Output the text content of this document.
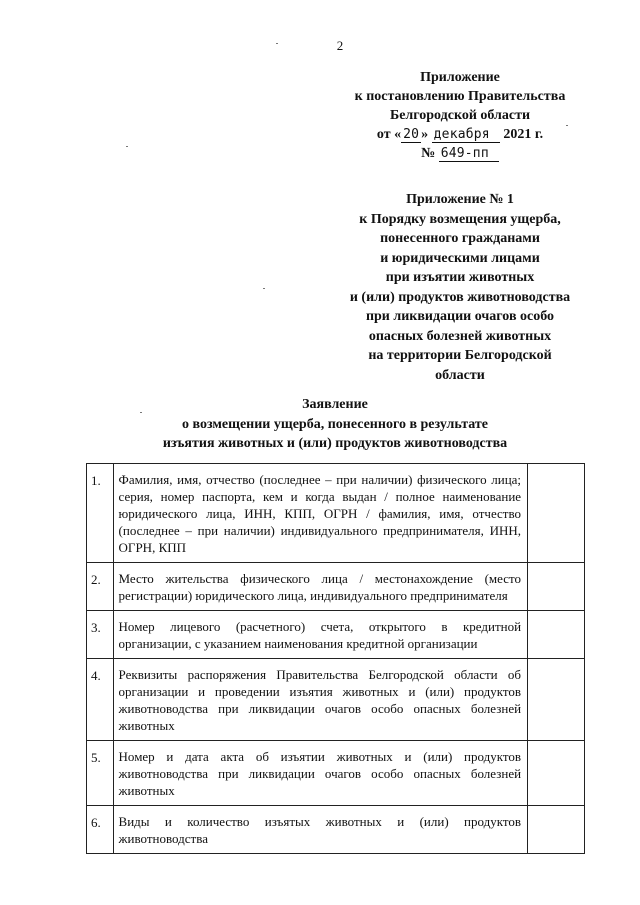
2
Приложение
к постановлению Правительства
Белгородской области
от « 20 » декабря 2021 г.
№ 649-пп
Приложение № 1
к Порядку возмещения ущерба,
понесенного гражданами
и юридическими лицами
при изъятии животных
и (или) продуктов животноводства
при ликвидации очагов особо
опасных болезней животных
на территории Белгородской
области
Заявление
о возмещении ущерба, понесенного в результате
изъятия животных и (или) продуктов животноводства
1.	Фамилия, имя, отчество (последнее – при наличии) физического лица; серия, номер паспорта, кем и когда выдан / полное наименование юридического лица, ИНН, КПП, ОГРН / фамилия, имя, отчество (последнее – при наличии) индивидуального предпринимателя, ИНН, ОГРН, КПП	
2.	Место жительства физического лица / местонахождение (место регистрации) юридического лица, индивидуального предпринимателя	
3.	Номер лицевого (расчетного) счета, открытого в кредитной организации, с указанием наименования кредитной организации	
4.	Реквизиты распоряжения Правительства Белгородской области об организации и проведении изъятия животных и (или) продуктов животноводства при ликвидации очагов особо опасных болезней животных	
5.	Номер и дата акта об изъятии животных и (или) продуктов животноводства при ликвидации очагов особо опасных болезней животных	
6.	Виды и количество изъятых животных и (или) продуктов животноводства	
